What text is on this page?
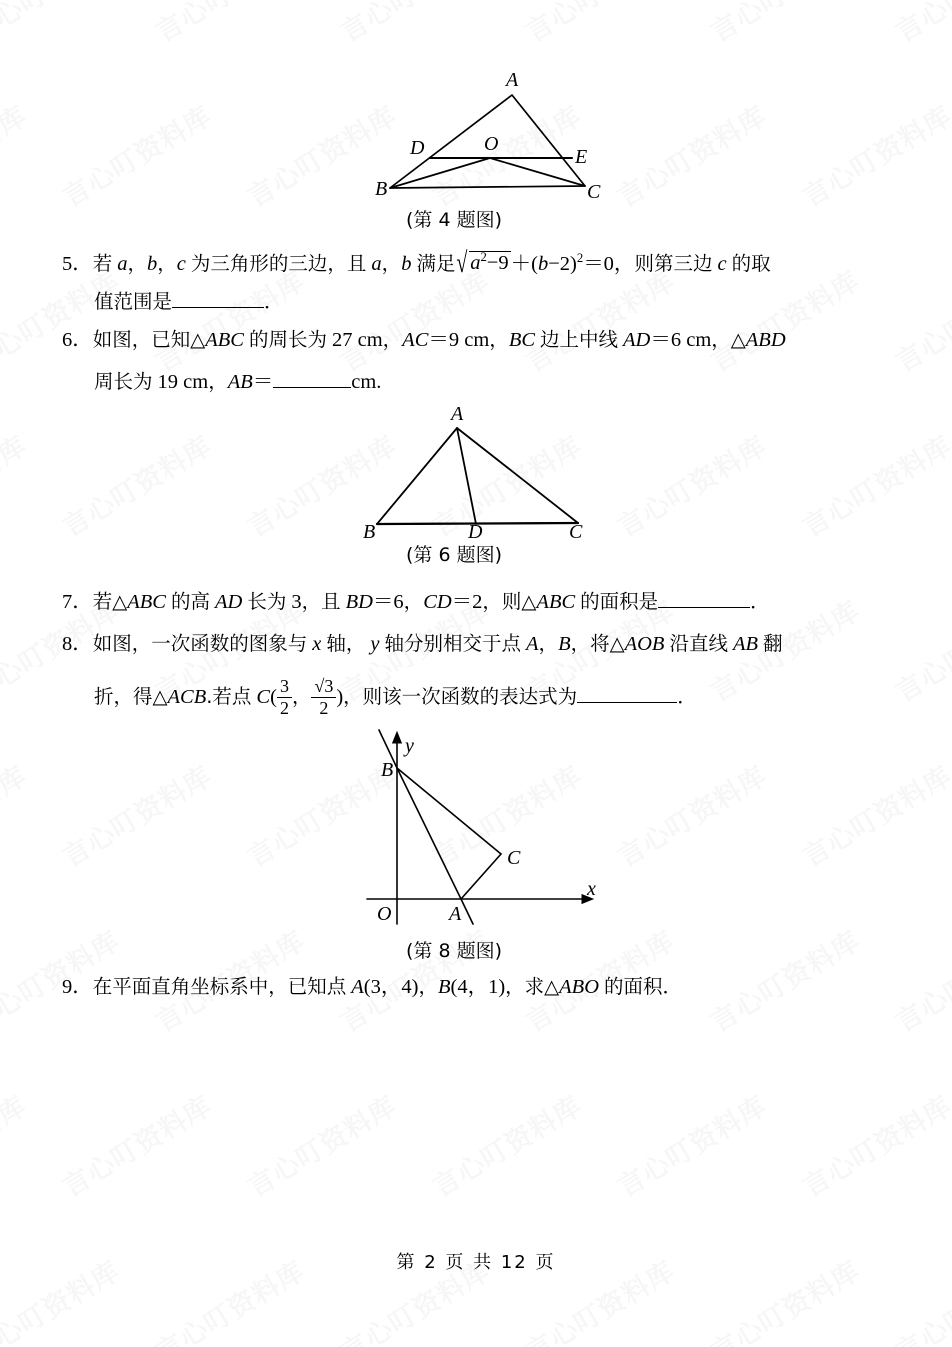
A
B	C
D	E
O
(第 4 题图)
5．若 a，b，c 为三角形的三边，且 a，b 满足√ $a^2-9+(b-2)^2=0$，则第三边 c 的取
值范围是	．
6．如图，已知△ABC 的周长为 27 cm，AC＝9 cm，BC 边上中线 AD＝6 cm，△ABD
周长为 19 cm，AB＝	cm.
A
B	C
D
(第 6 题图)
7．若△ABC 的高 AD 长为 3，且 BD＝6，CD＝2，则△ABC 的面积是	．
8．如图，一次函数的图象与 x 轴， y 轴分别相交于点 A，B，将△AOB 沿直线 AB 翻
折，得△ACB.若点 $C( \frac{3}{2}$ ， $\frac{√3}{2}$ )，则该一次函数的表达式为	．
B
C
A
O
x
y
(第 8 题图)
9．在平面直角坐标系中，已知点 A(3，4)，B(4，1)，求△ABO 的面积．
第 2 页 共 12 页
